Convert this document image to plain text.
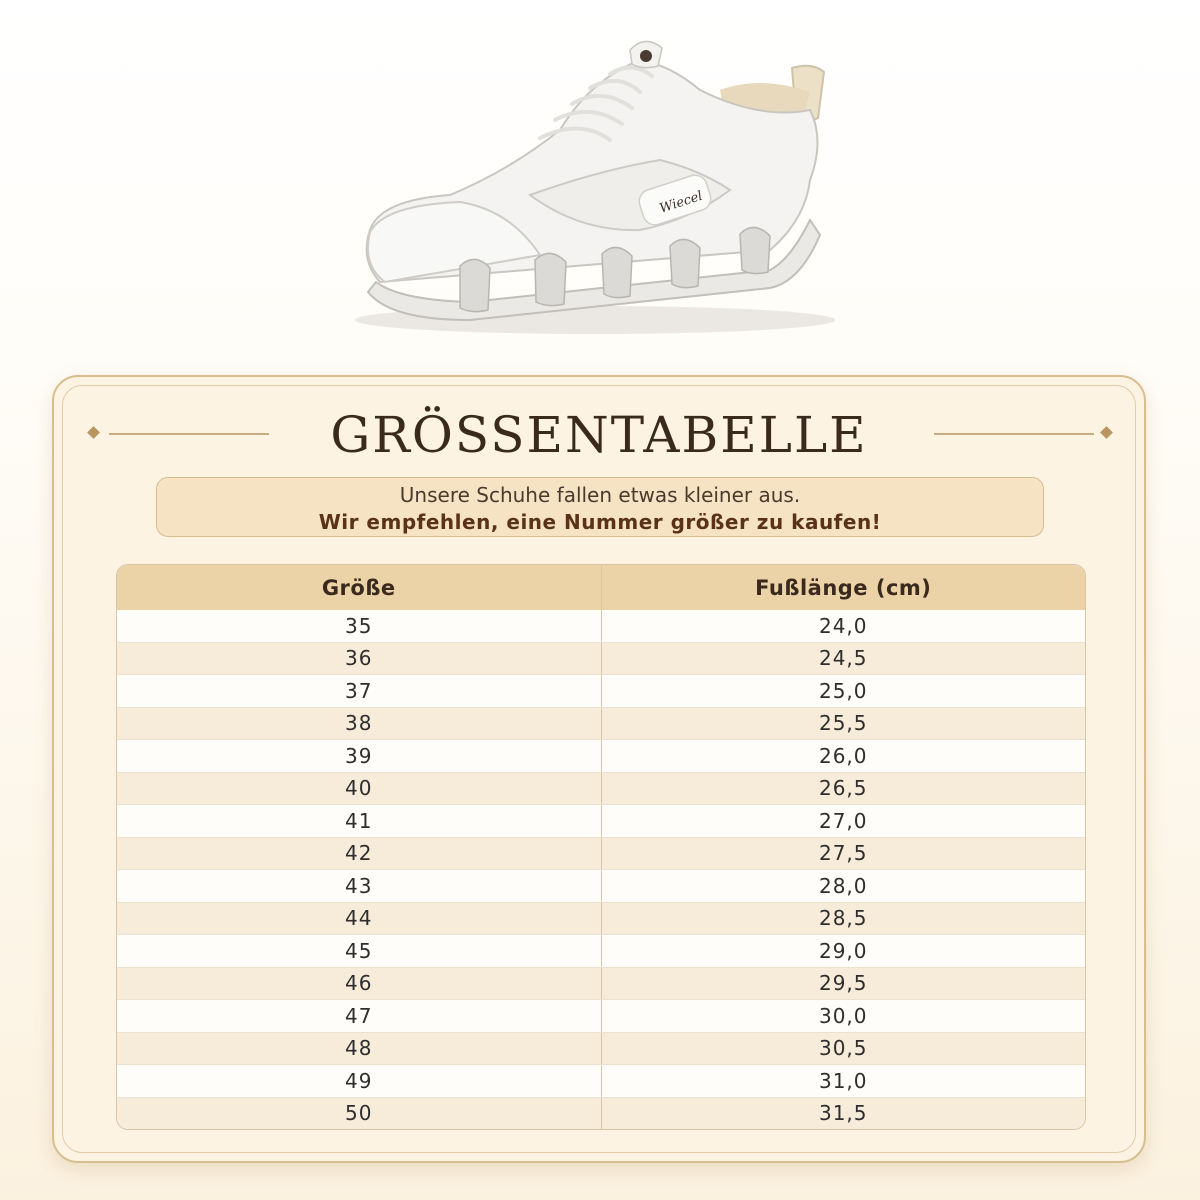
Wiecel
GRÖSSENTABELLE
Unsere Schuhe fallen etwas kleiner aus.
Wir empfehlen, eine Nummer größer zu kaufen!
Größe	Fußlänge (cm)
35	24,0
36	24,5
37	25,0
38	25,5
39	26,0
40	26,5
41	27,0
42	27,5
43	28,0
44	28,5
45	29,0
46	29,5
47	30,0
48	30,5
49	31,0
50	31,5
